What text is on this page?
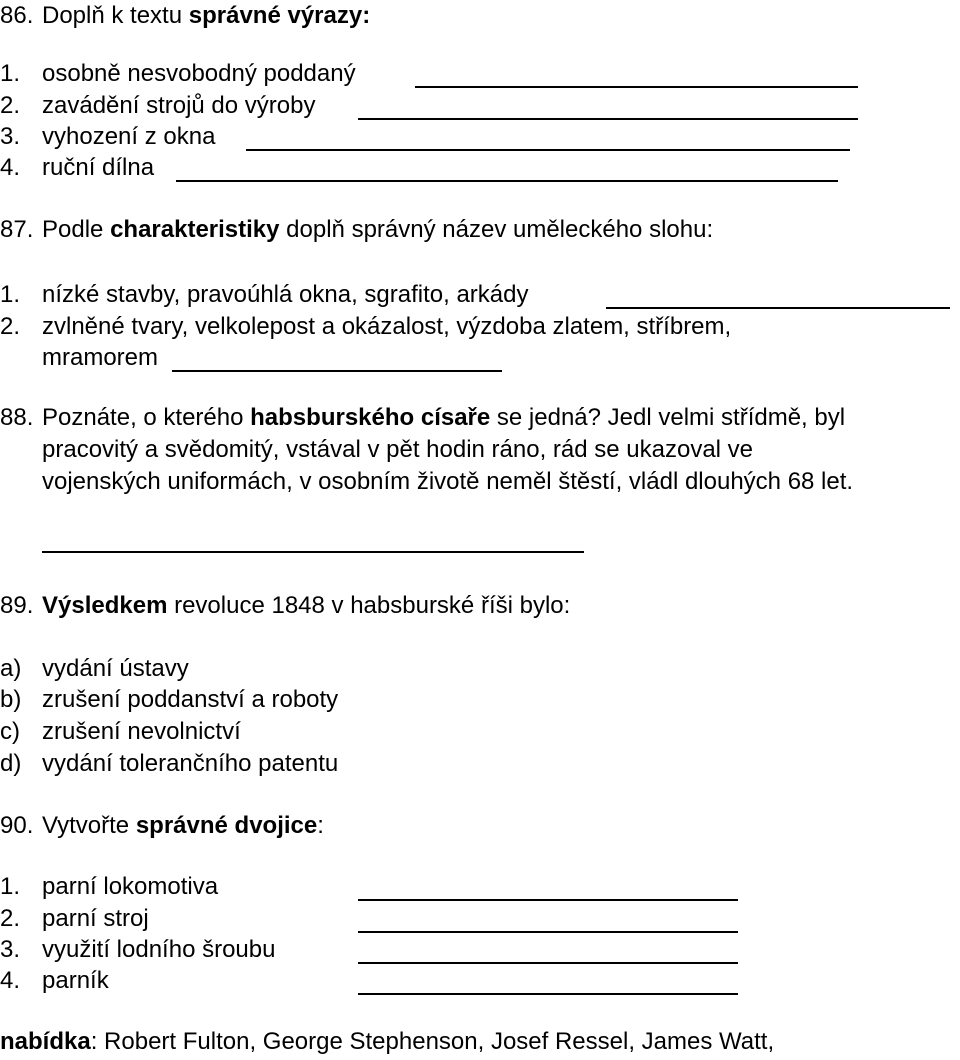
86. Doplň k textu správné výrazy:
1. osobně nesvobodný poddaný
2. zavádění strojů do výroby
3. vyhození z okna
4. ruční dílna
87. Podle charakteristiky doplň správný název uměleckého slohu:
1. nízké stavby, pravoúhlá okna, sgrafito, arkády
2. zvlněné tvary, velkolepost a okázalost, výzdoba zlatem, stříbrem,
mramorem
88. Poznáte, o kterého habsburského císaře se jedná? Jedl velmi střídmě, byl
pracovitý a svědomitý, vstával v pět hodin ráno, rád se ukazoval ve
vojenských uniformách, v osobním životě neměl štěstí, vládl dlouhých 68 let.
89. Výsledkem revoluce 1848 v habsburské říši bylo:
a) vydání ústavy
b) zrušení poddanství a roboty
c) zrušení nevolnictví
d) vydání tolerančního patentu
90. Vytvořte správné dvojice:
1. parní lokomotiva
2. parní stroj
3. využití lodního šroubu
4. parník
nabídka: Robert Fulton, George Stephenson, Josef Ressel, James Watt,
